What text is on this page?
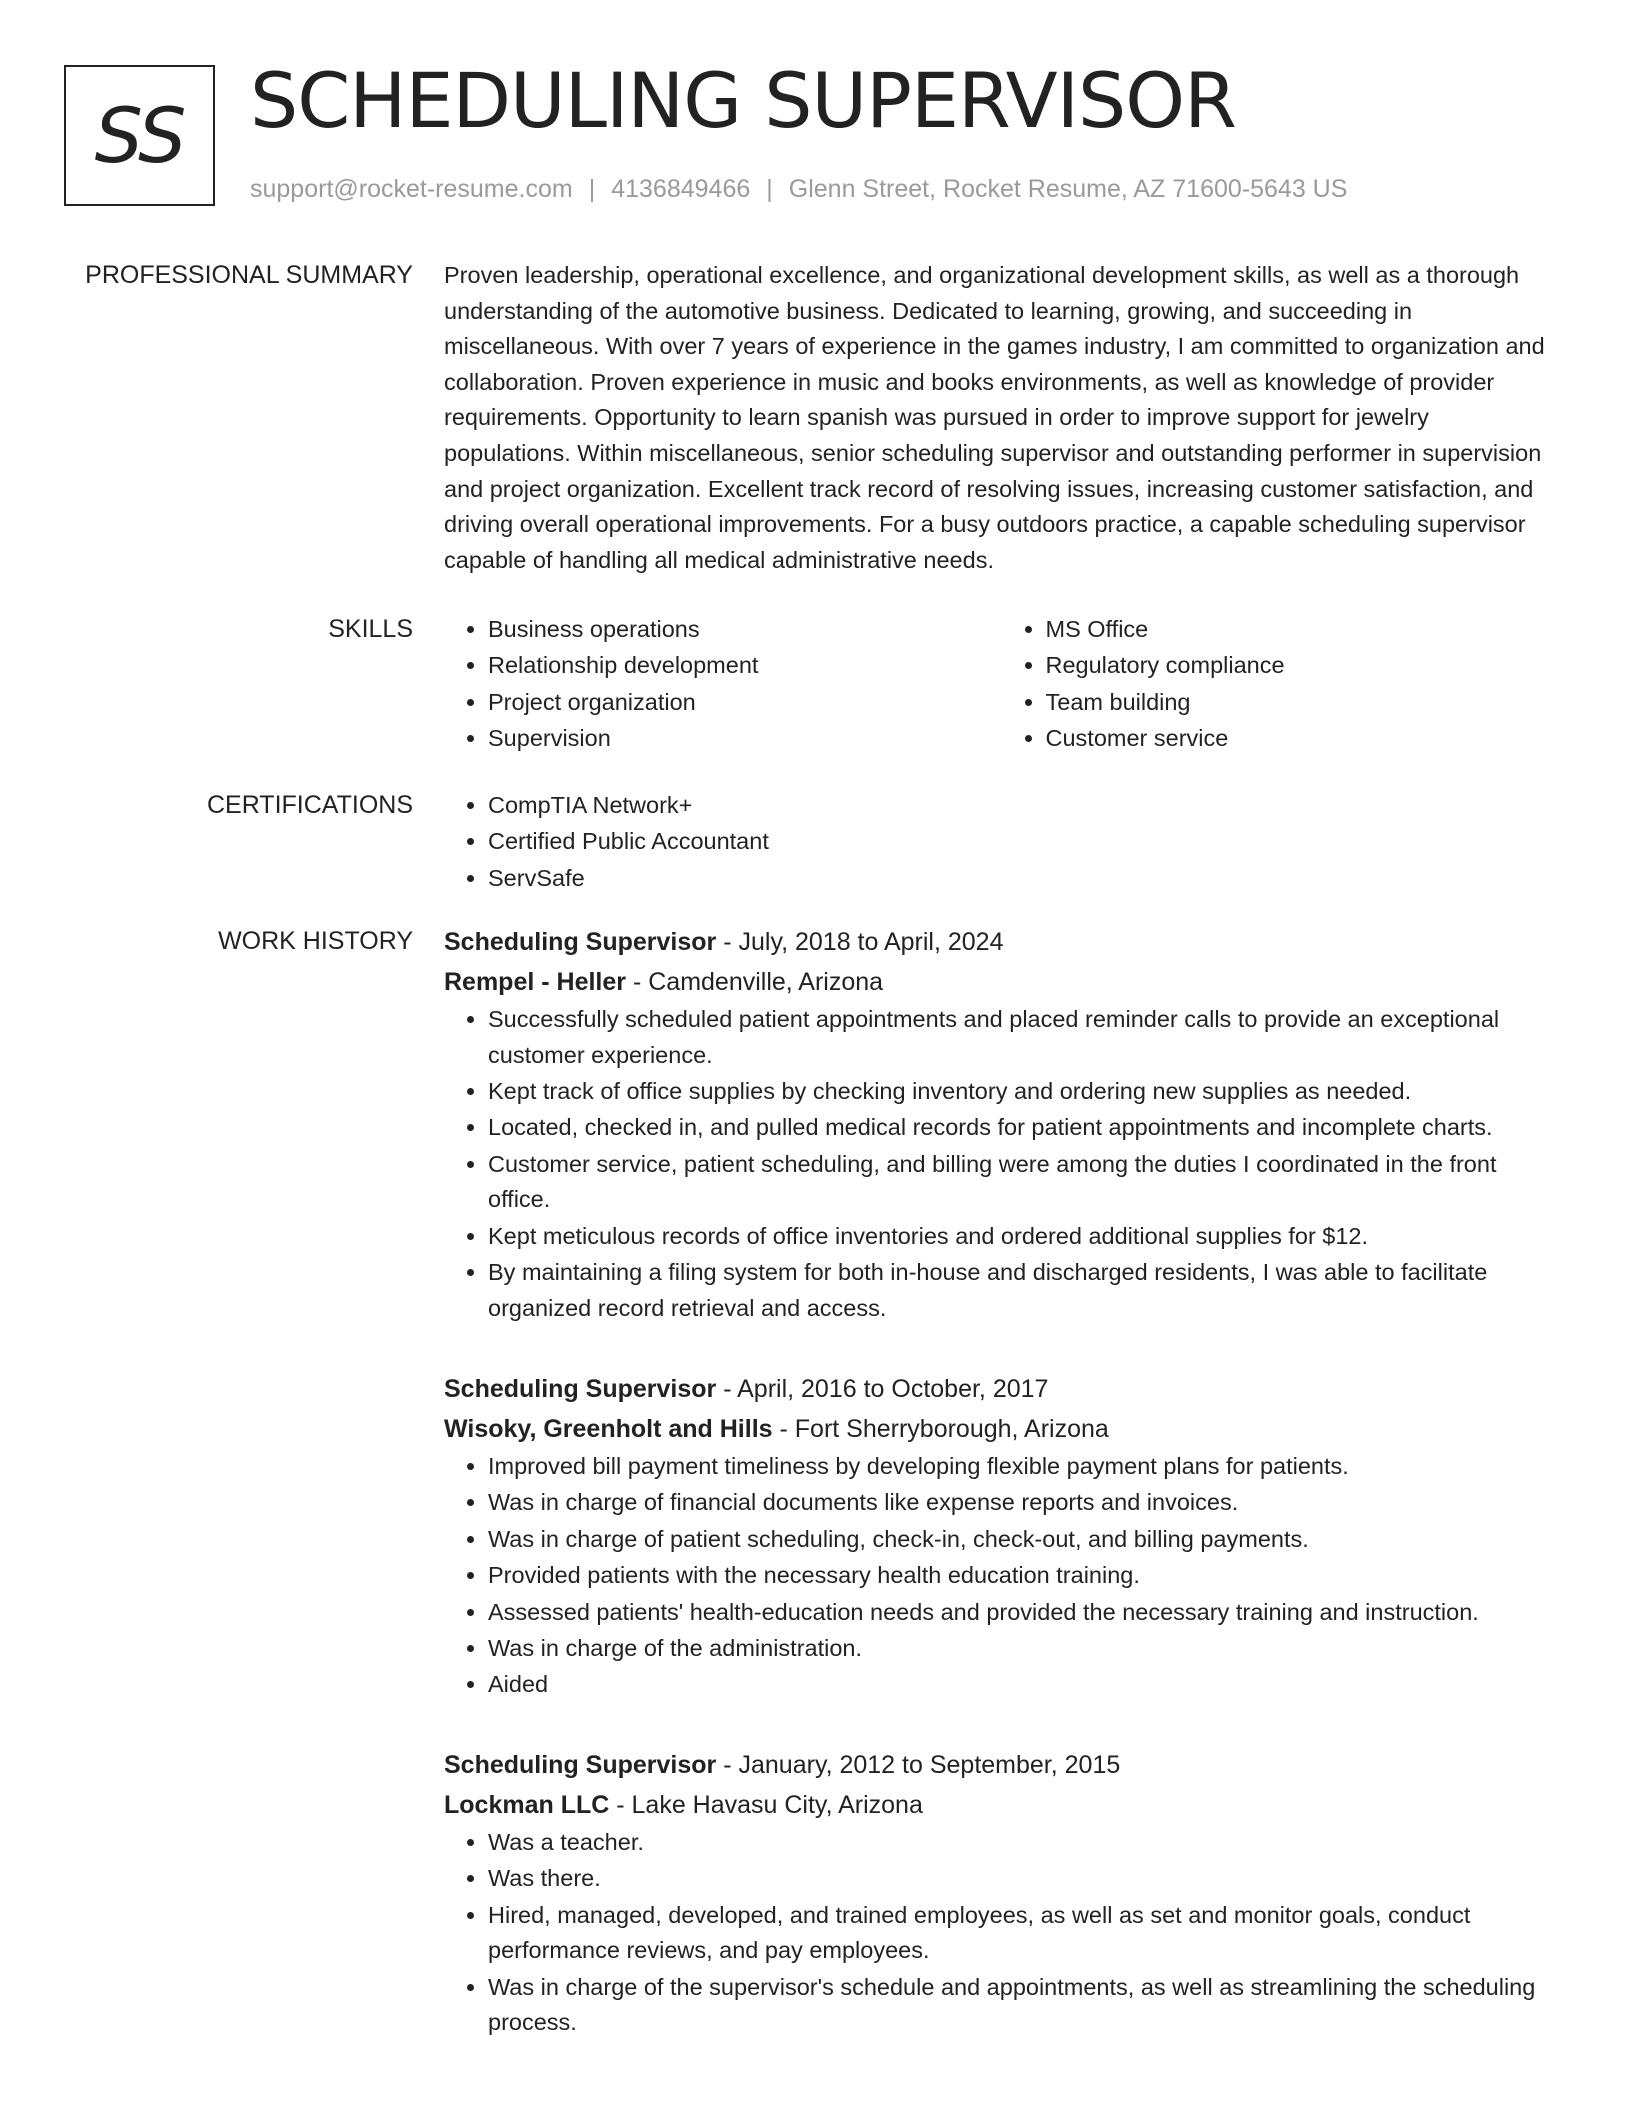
SS SCHEDULING SUPERVISOR
support@rocket-resume.com | 4136849466 | Glenn Street, Rocket Resume, AZ 71600-5643 US
PROFESSIONAL SUMMARY Proven leadership, operational excellence, and organizational development skills, as well as a thorough understanding of the automotive business. Dedicated to learning, growing, and succeeding in miscellaneous. With over 7 years of experience in the games industry, I am committed to organization and collaboration. Proven experience in music and books environments, as well as knowledge of provider requirements. Opportunity to learn spanish was pursued in order to improve support for jewelry populations. Within miscellaneous, senior scheduling supervisor and outstanding performer in supervision and project organization. Excellent track record of resolving issues, increasing customer satisfaction, and driving overall operational improvements. For a busy outdoors practice, a capable scheduling supervisor capable of handling all medical administrative needs.
SKILLS	• Business operations
• Relationship development
• Project organization
• Supervision
• MS Office
• Regulatory compliance
• Team building
• Customer service
CERTIFICATIONS	• CompTIA Network+
• Certified Public Accountant
• ServSafe
WORK HISTORY Scheduling Supervisor - July, 2018 to April, 2024
Rempel - Heller - Camdenville, Arizona
• Successfully scheduled patient appointments and placed reminder calls to provide an exceptional customer experience.
• Kept track of office supplies by checking inventory and ordering new supplies as needed.
• Located, checked in, and pulled medical records for patient appointments and incomplete charts.
• Customer service, patient scheduling, and billing were among the duties I coordinated in the front office.
• Kept meticulous records of office inventories and ordered additional supplies for $12.
• By maintaining a filing system for both in-house and discharged residents, I was able to facilitate organized record retrieval and access.
Scheduling Supervisor - April, 2016 to October, 2017
Wisoky, Greenholt and Hills - Fort Sherryborough, Arizona
• Improved bill payment timeliness by developing flexible payment plans for patients.
• Was in charge of financial documents like expense reports and invoices.
• Was in charge of patient scheduling, check-in, check-out, and billing payments.
• Provided patients with the necessary health education training.
• Assessed patients' health-education needs and provided the necessary training and instruction.
• Was in charge of the administration.
• Aided
Scheduling Supervisor - January, 2012 to September, 2015
Lockman LLC - Lake Havasu City, Arizona
• Was a teacher.
• Was there.
• Hired, managed, developed, and trained employees, as well as set and monitor goals, conduct performance reviews, and pay employees.
• Was in charge of the supervisor's schedule and appointments, as well as streamlining the scheduling process.
